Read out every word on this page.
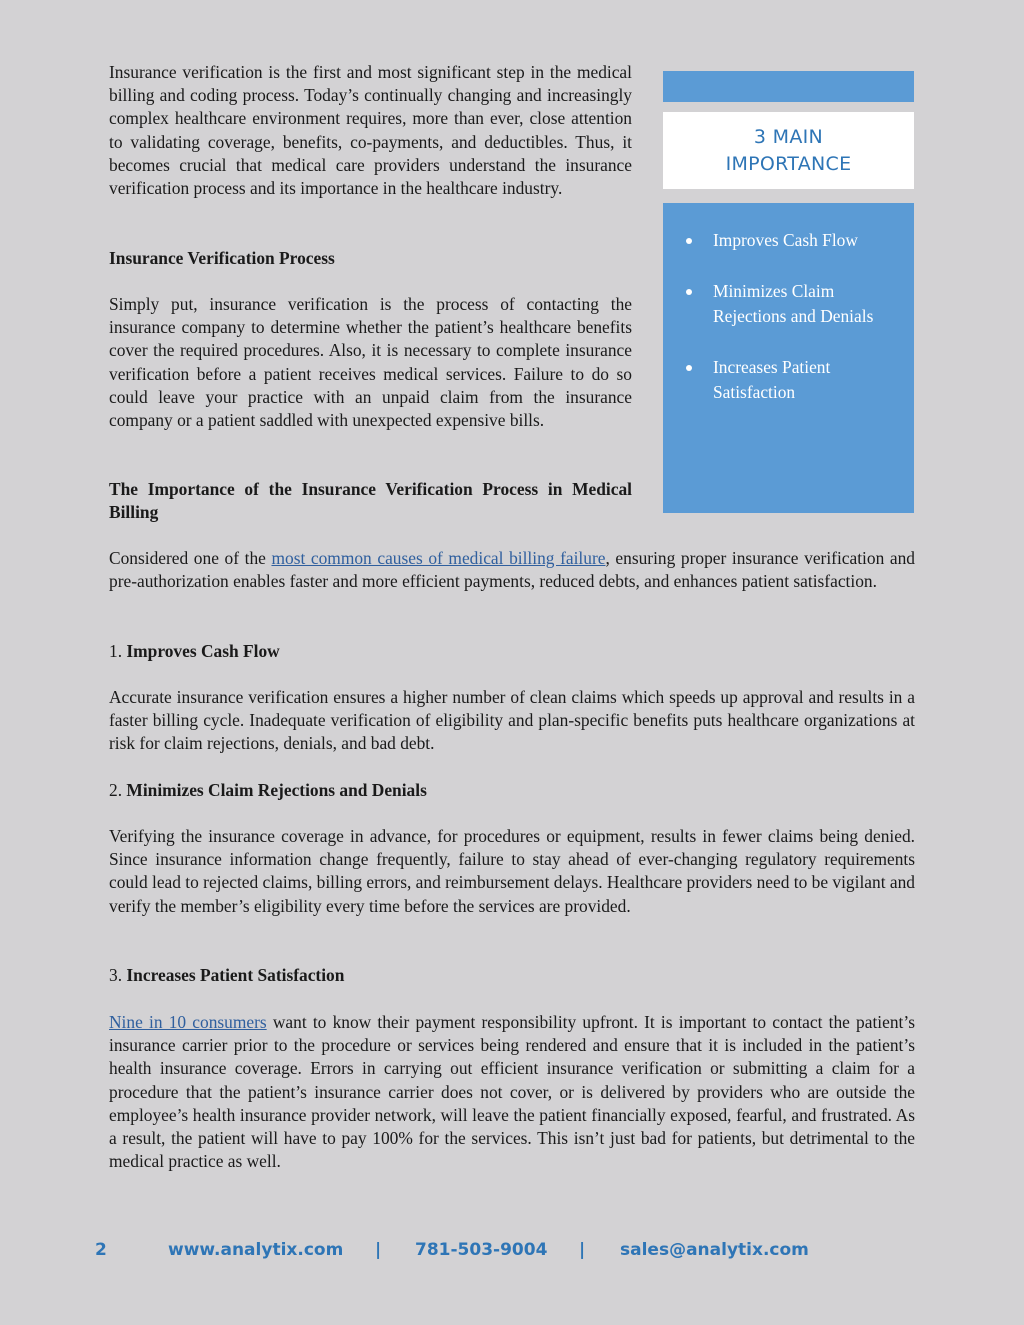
Insurance verification is the first and most significant step in the medical billing and coding process. Today’s continually changing and increasingly complex healthcare environment requires, more than ever, close attention to validating coverage, benefits, co-payments, and deductibles. Thus, it becomes crucial that medical care providers understand the insurance verification process and its importance in the healthcare industry.

Insurance Verification Process

Simply put, insurance verification is the process of contacting the insurance company to determine whether the patient’s healthcare benefits cover the required procedures. Also, it is necessary to complete insurance verification before a patient receives medical services. Failure to do so could leave your practice with an unpaid claim from the insurance company or a patient saddled with unexpected expensive bills.

The Importance of the Insurance Verification Process in Medical Billing

Considered one of the most common causes of medical billing failure, ensuring proper insurance verification and pre-authorization enables faster and more efficient payments, reduced debts, and enhances patient satisfaction.

1. Improves Cash Flow

Accurate insurance verification ensures a higher number of clean claims which speeds up approval and results in a faster billing cycle. Inadequate verification of eligibility and plan-specific benefits puts healthcare organizations at risk for claim rejections, denials, and bad debt.

2. Minimizes Claim Rejections and Denials

Verifying the insurance coverage in advance, for procedures or equipment, results in fewer claims being denied. Since insurance information change frequently, failure to stay ahead of ever-changing regulatory requirements could lead to rejected claims, billing errors, and reimbursement delays. Healthcare providers need to be vigilant and verify the member’s eligibility every time before the services are provided.

3. Increases Patient Satisfaction

Nine in 10 consumers want to know their payment responsibility upfront. It is important to contact the patient’s insurance carrier prior to the procedure or services being rendered and ensure that it is included in the patient’s health insurance coverage. Errors in carrying out efficient insurance verification or submitting a claim for a procedure that the patient’s insurance carrier does not cover, or is delivered by providers who are outside the employee’s health insurance provider network, will leave the patient financially exposed, fearful, and frustrated. As a result, the patient will have to pay 100% for the services. This isn’t just bad for patients, but detrimental to the medical practice as well.

3 MAIN
IMPORTANCE
Improves Cash Flow
Minimizes Claim Rejections and Denials
Increases Patient Satisfaction
2	www.analytix.com | 781-503-9004 | sales@analytix.com
